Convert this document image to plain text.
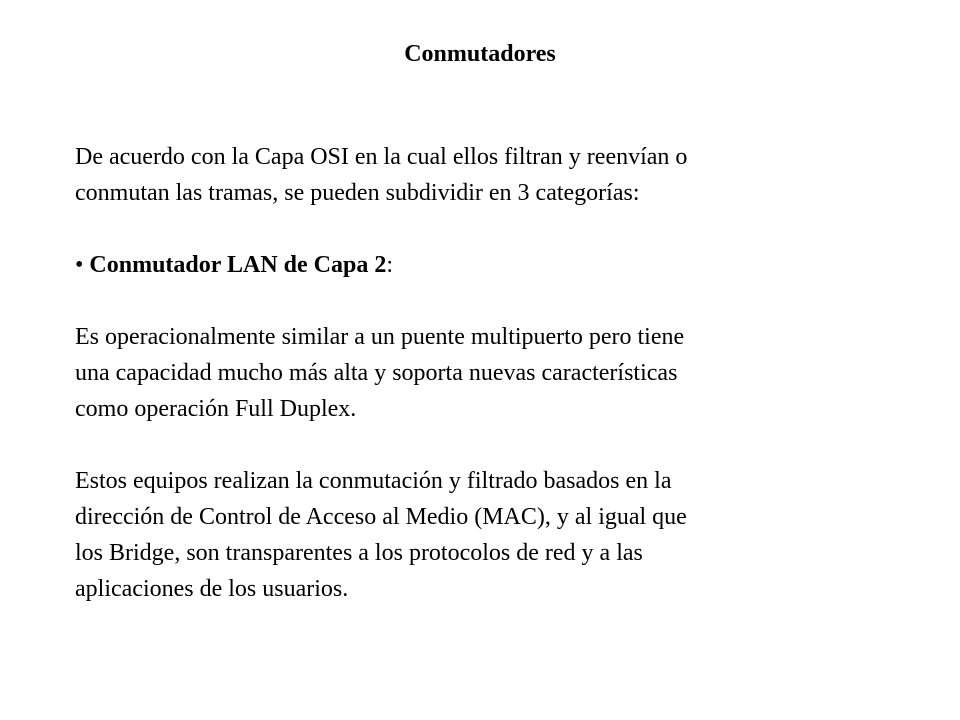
Conmutadores
De acuerdo con la Capa OSI en la cual ellos filtran y reenvían o
conmutan las tramas, se pueden subdividir en 3 categorías:
• Conmutador LAN de Capa 2:
Es operacionalmente similar a un puente multipuerto pero tiene
una capacidad mucho más alta y soporta nuevas características
como operación Full Duplex.
Estos equipos realizan la conmutación y filtrado basados en la
dirección de Control de Acceso al Medio (MAC), y al igual que
los Bridge, son transparentes a los protocolos de red y a las
aplicaciones de los usuarios.
